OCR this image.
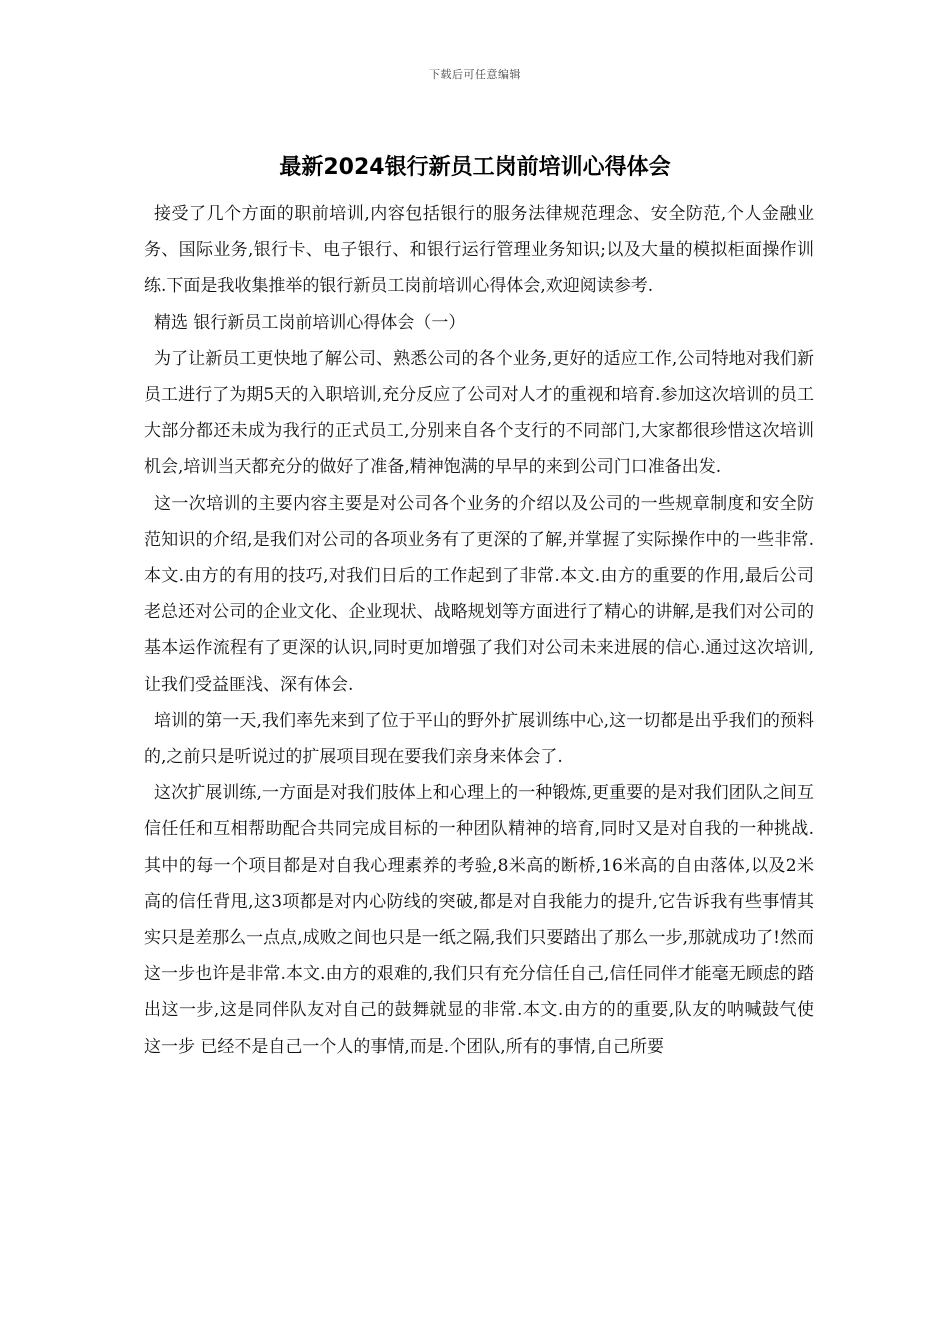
下载后可任意编辑
最新2024银行新员工岗前培训心得体会

接受了几个方面的职前培训,内容包括银行的服务法律规范理念、安全防范,个人金融业务、国际业务,银行卡、电子银行、和银行运行管理业务知识;以及大量的模拟柜面操作训练.下面是我收集推举的银行新员工岗前培训心得体会,欢迎阅读参考.

精选 银行新员工岗前培训心得体会（一）

为了让新员工更快地了解公司、熟悉公司的各个业务,更好的适应工作,公司特地对我们新员工进行了为期5天的入职培训,充分反应了公司对人才的重视和培育.参加这次培训的员工大部分都还未成为我行的正式员工,分别来自各个支行的不同部门,大家都很珍惜这次培训机会,培训当天都充分的做好了准备,精神饱满的早早的来到公司门口准备出发.

这一次培训的主要内容主要是对公司各个业务的介绍以及公司的一些规章制度和安全防范知识的介绍,是我们对公司的各项业务有了更深的了解,并掌握了实际操作中的一些非常.本文.由方的有用的技巧,对我们日后的工作起到了非常.本文.由方的重要的作用,最后公司老总还对公司的企业文化、企业现状、战略规划等方面进行了精心的讲解,是我们对公司的基本运作流程有了更深的认识,同时更加增强了我们对公司未来进展的信心.通过这次培训,让我们受益匪浅、深有体会.

培训的第一天,我们率先来到了位于平山的野外扩展训练中心,这一切都是出乎我们的预料的,之前只是听说过的扩展项目现在要我们亲身来体会了.

这次扩展训练,一方面是对我们肢体上和心理上的一种锻炼,更重要的是对我们团队之间互信任任和互相帮助配合共同完成目标的一种团队精神的培育,同时又是对自我的一种挑战.其中的每一个项目都是对自我心理素养的考验,8米高的断桥,16米高的自由落体,以及2米高的信任背甩,这3项都是对内心防线的突破,都是对自我能力的提升,它告诉我有些事情其实只是差那么一点点,成败之间也只是一纸之隔,我们只要踏出了那么一步,那就成功了!然而这一步也许是非常.本文.由方的艰难的,我们只有充分信任自己,信任同伴才能毫无顾虑的踏出这一步,这是同伴队友对自己的鼓舞就显的非常.本文.由方的的重要,队友的呐喊鼓气使 这一步 已经不是自己一个人的事情,而是.个团队,所有的事情,自己所要
